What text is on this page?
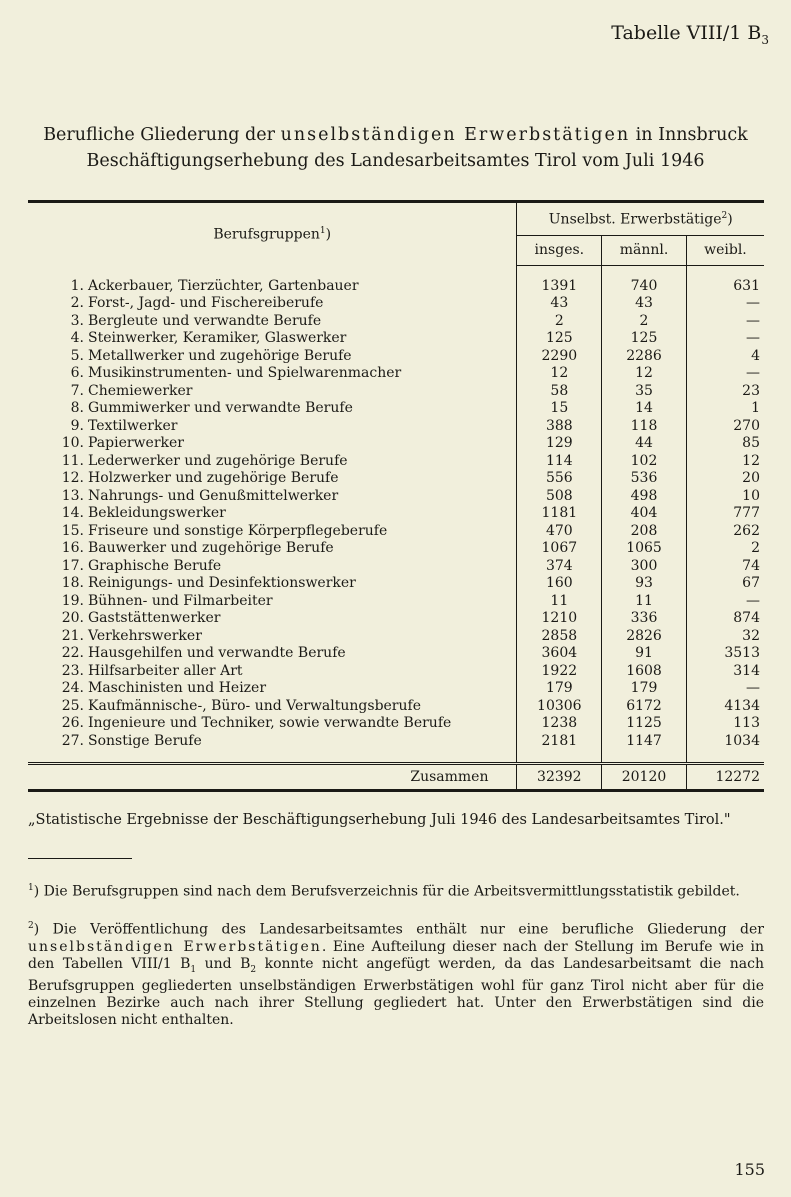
Tabelle VIII/1 $B_3$
Berufliche Gliederung der unselbständigen Erwerbstätigen in Innsbruck
Beschäftigungserhebung des Landesarbeitsamtes Tirol vom Juli 1946
Berufsgruppen$^1$)	Unselbst. Erwerbstätige$^2$)		
	insges.	männl.	weibl.

1. Ackerbauer, Tierzüchter, Gartenbauer	1391	740	631
2. Forst-, Jagd- und Fischereiberufe	43	43	—
3. Bergleute und verwandte Berufe	2	2	—
4. Steinwerker, Keramiker, Glaswerker	125	125	—
5. Metallwerker und zugehörige Berufe	2290	2286	4
6. Musikinstrumenten- und Spielwarenmacher	12	12	—
7. Chemiewerker	58	35	23
8. Gummiwerker und verwandte Berufe	15	14	1
9. Textilwerker	388	118	270
10. Papierwerker	129	44	85
11. Lederwerker und zugehörige Berufe	114	102	12
12. Holzwerker und zugehörige Berufe	556	536	20
13. Nahrungs- und Genußmittelwerker	508	498	10
14. Bekleidungswerker	1181	404	777
15. Friseure und sonstige Körperpflegeberufe	470	208	262
16. Bauwerker und zugehörige Berufe	1067	1065	2
17. Graphische Berufe	374	300	74
18. Reinigungs- und Desinfektionswerker	160	93	67
19. Bühnen- und Filmarbeiter	11	11	—
20. Gaststättenwerker	1210	336	874
21. Verkehrswerker	2858	2826	32
22. Hausgehilfen und verwandte Berufe	3604	91	3513
23. Hilfsarbeiter aller Art	1922	1608	314
24. Maschinisten und Heizer	179	179	—
25. Kaufmännische-, Büro- und Verwaltungsberufe	10306	6172	4134
26. Ingenieure und Techniker, sowie verwandte Berufe	1238	1125	113
27. Sonstige Berufe	2181	1147	1034

Zusammen	32392	20120	12272
„Statistische Ergebnisse der Beschäftigungserhebung Juli 1946 des Landesarbeitsamtes Tirol."
$^1$) Die Berufsgruppen sind nach dem Berufsverzeichnis für die Arbeitsvermittlungsstatistik gebildet.
$^2$) Die Veröffentlichung des Landesarbeitsamtes enthält nur eine berufliche Gliederung der unselbständigen Erwerbstätigen. Eine Aufteilung dieser nach der Stellung im Berufe wie in den Tabellen VIII/1 $B_1$ und $B_2$ konnte nicht angefügt werden, da das Landesarbeitsamt die nach Berufsgruppen gegliederten unselbständigen Erwerbstätigen wohl für ganz Tirol nicht aber für die einzelnen Bezirke auch nach ihrer Stellung gegliedert hat. Unter den Erwerbstätigen sind die Arbeitslosen nicht enthalten.
155
